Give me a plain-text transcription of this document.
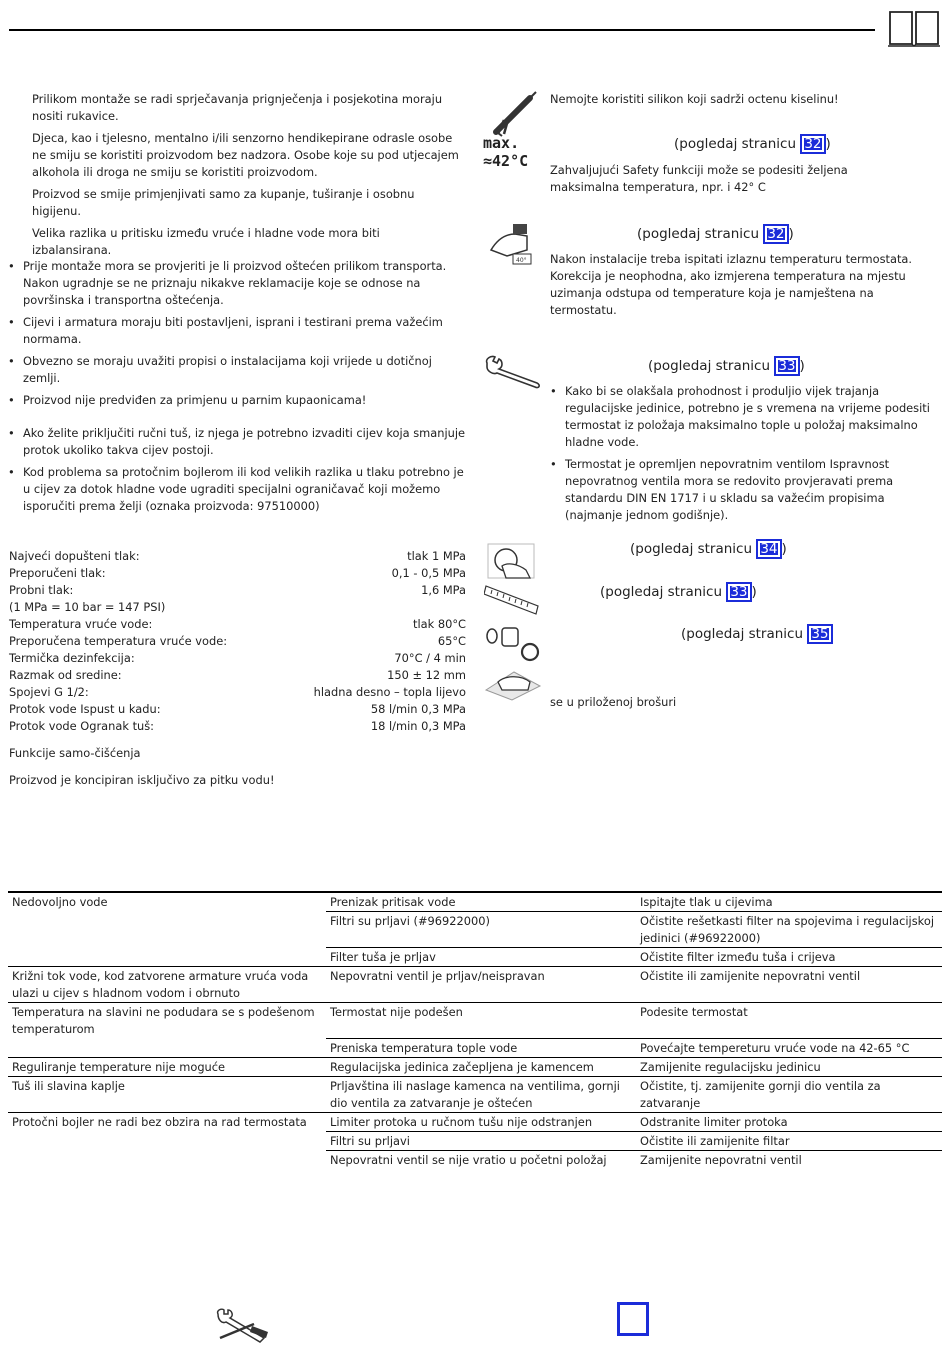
Prilikom montaže se radi sprječavanja prignječenja i posjekotina moraju nositi rukavice.

Djeca, kao i tjelesno, mentalno i/ili senzorno hendikepirane odrasle osobe ne smiju se koristiti proizvodom bez nadzora. Osobe koje su pod utjecajem alkohola ili droga ne smiju se koristiti proizvodom.

Proizvod se smije primjenjivati samo za kupanje, tuširanje i osobnu higijenu.

Velika razlika u pritisku između vruće i hladne vode mora biti izbalansirana.

• Prije montaže mora se provjeriti je li proizvod oštećen prilikom transporta. Nakon ugradnje se ne priznaju nikakve reklamacije koje se odnose na površinska i transportna oštećenja.
• Cijevi i armatura moraju biti postavljeni, isprani i testirani prema važećim normama.
• Obvezno se moraju uvažiti propisi o instalacijama koji vrijede u dotičnoj zemlji.
• Proizvod nije predviđen za primjenu u parnim kupaonicama!
• Ako želite priključiti ručni tuš, iz njega je potrebno izvaditi cijev koja smanjuje protok ukoliko takva cijev postoji.
• Kod problema sa protočnim bojlerom ili kod velikih razlika u tlaku potrebno je u cijev za dotok hladne vode ugraditi specijalni ograničavač koji možemo isporučiti prema želji (oznaka proizvoda: 97510000)
Najveći dopušteni tlak:	tlak 1 MPa
Preporučeni tlak:	0,1 - 0,5 MPa
Probni tlak:	1,6 MPa
(1 MPa = 10 bar = 147 PSI)
Temperatura vruće vode:	tlak 80°C
Preporučena temperatura vruće vode:	65°C
Termička dezinfekcija:	70°C / 4 min
Razmak od sredine:	150 ± 12 mm
Spojevi G 1/2:	hladna desno – topla lijevo
Protok vode Ispust u kadu:	58 l/min 0,3 MPa
Protok vode Ogranak tuš:	18 l/min 0,3 MPa
Funkcije samo-čišćenja
Proizvod je koncipiran isključivo za pitku vodu!
Nemojte koristiti silikon koji sadrži octenu kiselinu!
max.
≈42°C
(pogledaj stranicu 32 )
Zahvaljujući Safety funkciji može se podesiti željena maksimalna temperatura, npr. i 42° C
40°
(pogledaj stranicu 32 )
Nakon instalacije treba ispitati izlaznu temperaturu termostata. Korekcija je neophodna, ako izmjerena temperatura na mjestu uzimanja odstupa od temperature koja je namještena na termostatu.
(pogledaj stranicu 33 )
• Kako bi se olakšala prohodnost i produljio vijek trajanja regulacijske jedinice, potrebno je s vremena na vrijeme podesiti termostat iz položaja maksimalno tople u položaj maksimalno hladne vode.
• Termostat je opremljen nepovratnim ventilom Ispravnost nepovratnog ventila mora se redovito provjeravati prema standardu DIN EN 1717 i u skladu sa važećim propisima (najmanje jednom godišnje).
(pogledaj stranicu 34 )
(pogledaj stranicu 33 )
(pogledaj stranicu 35
se u priloženoj brošuri
Nedovoljno vode	Prenizak pritisak vode	Ispitajte tlak u cijevima
	Filtri su prljavi (#96922000)	Očistite rešetkasti filter na spojevima i regulacijskoj jedinici (#96922000)
	Filter tuša je prljav	Očistite filter između tuša i crijeva
Križni tok vode, kod zatvorene armature vruća voda ulazi u cijev s hladnom vodom i obrnuto	Nepovratni ventil je prljav/neispravan	Očistite ili zamijenite nepovratni ventil
Temperatura na slavini ne podudara se s podešenom temperaturom	Termostat nije podešen	Podesite termostat
	Preniska temperatura tople vode	Povećajte tempereturu vruće vode na 42-65 °C
Reguliranje temperature nije moguće	Regulacijska jedinica začepljena je kamencem	Zamijenite regulacijsku jedinicu
Tuš ili slavina kaplje	Prljavština ili naslage kamenca na ventilima, gornji dio ventila za zatvaranje je oštećen	Očistite, tj. zamijenite gornji dio ventila za zatvaranje
Protočni bojler ne radi bez obzira na rad termostata	Limiter protoka u ručnom tušu nije odstranjen	Odstranite limiter protoka
	Filtri su prljavi	Očistite ili zamijenite filtar
	Nepovratni ventil se nije vratio u početni položaj	Zamijenite nepovratni ventil
